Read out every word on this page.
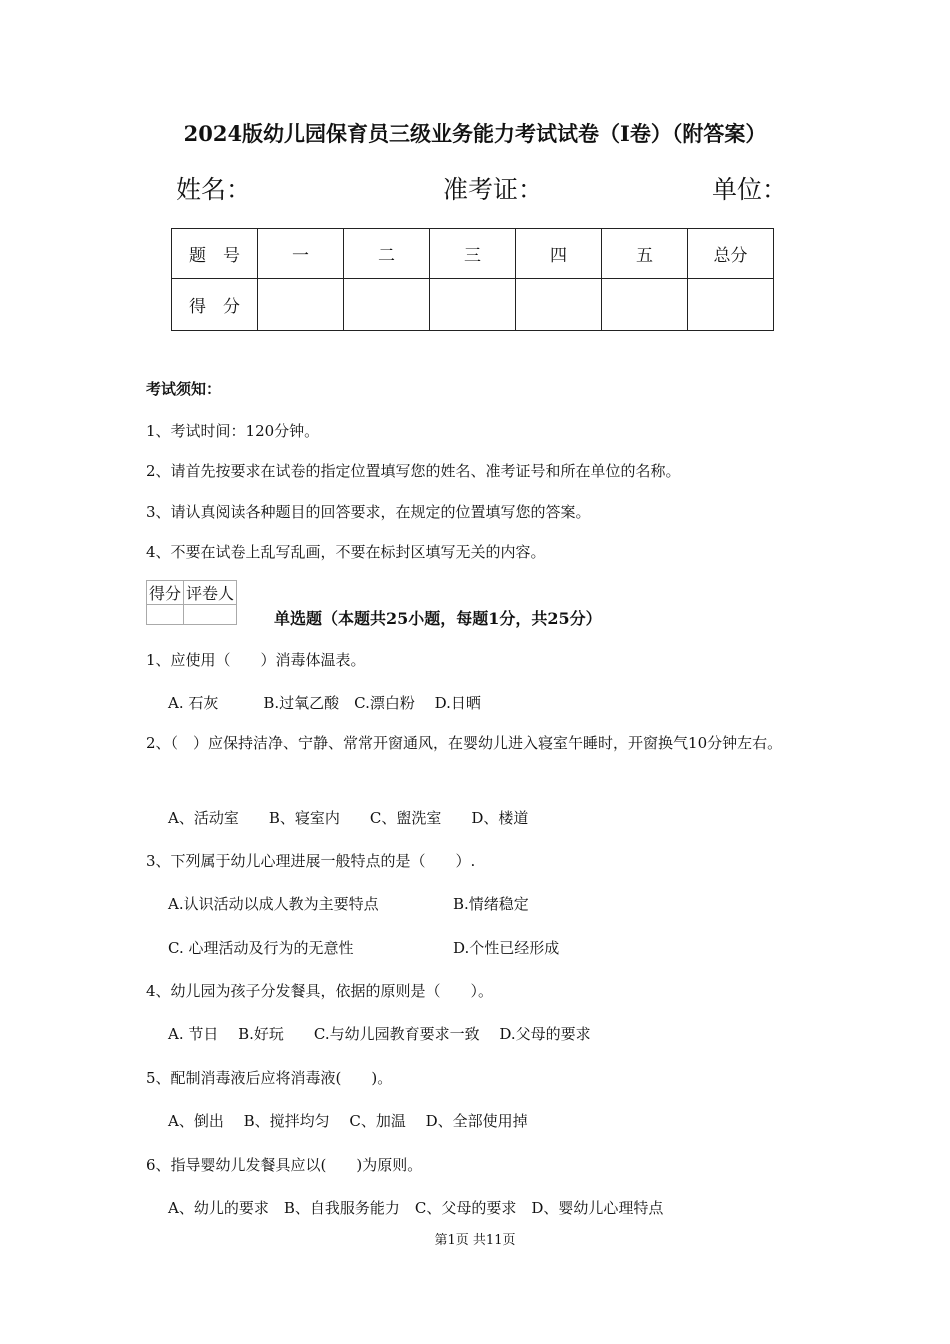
2024版幼儿园保育员三级业务能力考试试卷（I卷）（附答案）
姓名：	准考证：	单位：
题　号	一	二	三	四	五	总分
得　分						
考试须知：
1、考试时间：120分钟。
2、请首先按要求在试卷的指定位置填写您的姓名、准考证号和所在单位的名称。
3、请认真阅读各种题目的回答要求，在规定的位置填写您的答案。
4、不要在试卷上乱写乱画，不要在标封区填写无关的内容。
得分	评卷人

单选题（本题共25小题，每题1分，共25分）
1、应使用（　　）消毒体温表。
A. 石灰　　　B.过氧乙酸　C.漂白粉　 D.日晒
2、（　）应保持洁净、宁静、常常开窗通风，在婴幼儿进入寝室午睡时，开窗换气10分钟左右。
A、活动室　　B、寝室内　　C、盥洗室　　D、楼道
3、下列属于幼儿心理进展一般特点的是（　　）.
A.认识活动以成人教为主要特点	B.情绪稳定
C. 心理活动及行为的无意性	D.个性已经形成
4、幼儿园为孩子分发餐具，依据的原则是（　　）。
A. 节日　 B.好玩　　C.与幼儿园教育要求一致　 D.父母的要求
5、配制消毒液后应将消毒液(　　)。
A、倒出　 B、搅拌均匀　 C、加温　 D、全部使用掉
6、指导婴幼儿发餐具应以(　　)为原则。
A、幼儿的要求　B、自我服务能力　C、父母的要求　D、婴幼儿心理特点
第1页 共11页
